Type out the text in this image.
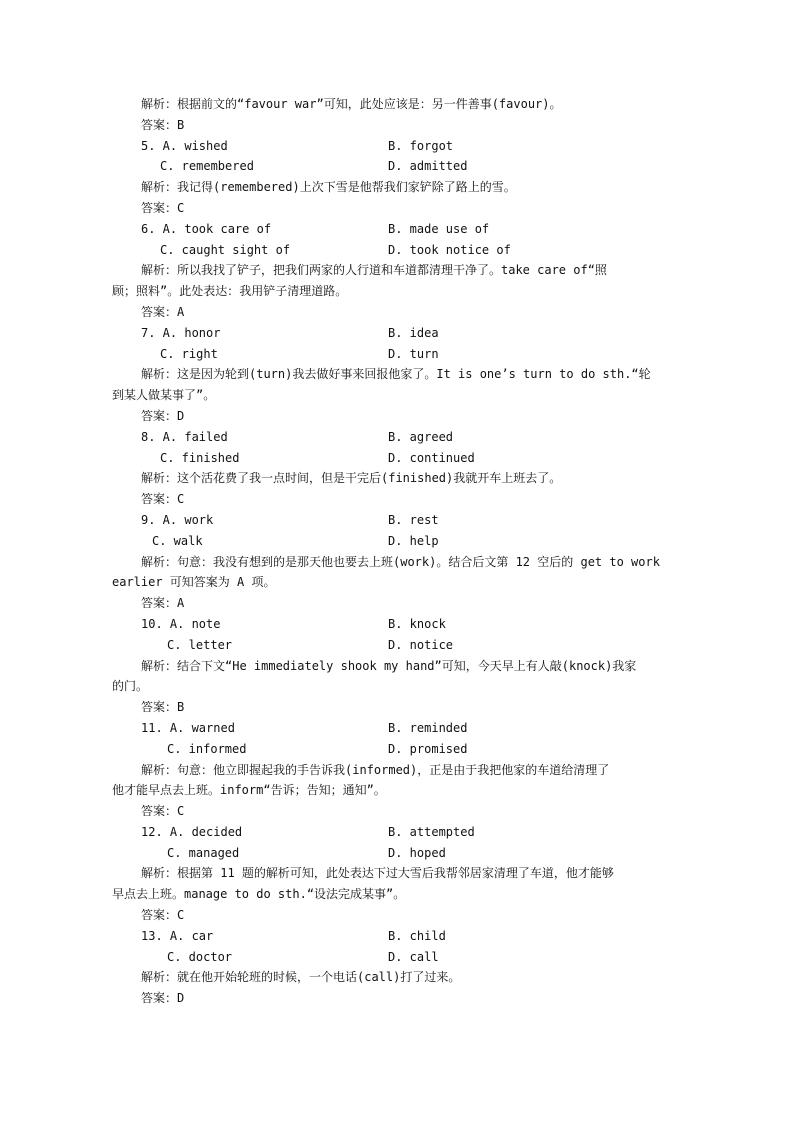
解析：根据前文的“favour war”可知，此处应该是：另一件善事(favour)。
答案：B
5. A. wished	B. forgot
C. remembered	D. admitted
解析：我记得(remembered)上次下雪是他帮我们家铲除了路上的雪。
答案：C
6. A. took care of	B. made use of
C. caught sight of	D. took notice of
解析：所以我找了铲子，把我们两家的人行道和车道都清理干净了。take care of“照
顾；照料”。此处表达：我用铲子清理道路。
答案：A
7. A. honor	B. idea
C. right	D. turn
解析：这是因为轮到(turn)我去做好事来回报他家了。It is one’s turn to do sth.“轮
到某人做某事了”。
答案：D
8. A. failed	B. agreed
C. finished	D. continued
解析：这个活花费了我一点时间，但是干完后(finished)我就开车上班去了。
答案：C
9. A. work	B. rest
C. walk	D. help
解析：句意：我没有想到的是那天他也要去上班(work)。结合后文第 12 空后的 get to work
earlier 可知答案为 A 项。
答案：A
10. A. note	B. knock
C. letter	D. notice
解析：结合下文“He immediately shook my hand”可知，今天早上有人敲(knock)我家
的门。
答案：B
11. A. warned	B. reminded
C. informed	D. promised
解析：句意：他立即握起我的手告诉我(informed)，正是由于我把他家的车道给清理了
他才能早点去上班。inform“告诉；告知；通知”。
答案：C
12. A. decided	B. attempted
C. managed	D. hoped
解析：根据第 11 题的解析可知，此处表达下过大雪后我帮邻居家清理了车道，他才能够
早点去上班。manage to do sth.“设法完成某事”。
答案：C
13. A. car	B. child
C. doctor	D. call
解析：就在他开始轮班的时候，一个电话(call)打了过来。
答案：D
